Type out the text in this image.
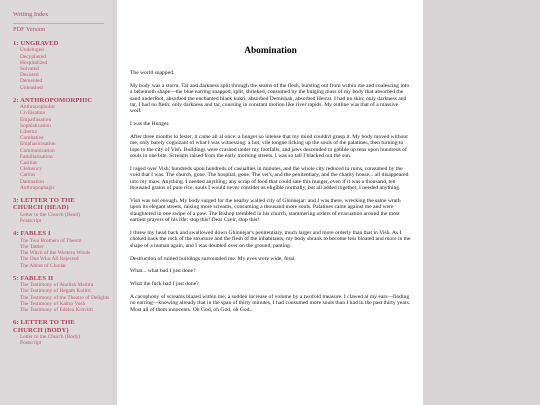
Writing Index
PDF Version
1: UNGRAVED
Undeluged
Decyphered
Hospitalized
Solvated
Desisted
Demented
Unleashed
2: ANTHROPOMORPHIC
Anthropophobic
Civilisation
Empathisation
Sophistication
Liberna
Combative
Emphasicisation
Communication
Familiarisation
Casitias
Clemency
Caritas
Damnation
Anthropophagic
3: LETTER TO THE CHURCH (HEAD)
Letter to the Church (Head)
Postscript
4: FABLES I
The Two Brothers of Theom
The Tattler
The Witch of the Western Winds
The One Who All Rejected
The Abbot of Chodar
5: FABLES II
The Testimony of Abolish Medira
The Testimony of Hegath Kulitri
The Testimony of the Theatre of Delights
The Testimony of Kaltur Vosh
The Testimony of Edelea Kritvitti
6: LETTER TO THE CHURCH (BODY)
Letter to the Church (Body)
Postscript
Abomination

The world snapped.

My body was a storm. Tar and darkness split through the seams of the flesh, bursting out from within me and coalescing into a behemoth shape—the blue earring snapped, split, shrieked, consumed by the bulging mass of my body that absorbed the sand underfoot, absorbed the enchanted black kukri, absorbed Demishah, absorbed Herrat. I had no skin; only darkness and tar, I had no flesh; only darkness and tar, coursing in constant motion like river rapids. My outline was that of a massive wolf.

I was the Hunger.

After three months to fester, it came all at once: a hunger so intense that my mind couldn't grasp it. My body moved without me, only barely cognizant of what I was witnessing: a hot, vile tongue licking up the souls of the palatines, then turning to lope to the city of Vish. Buildings were crushed under my footfalls, and jaws descended to gobble up tens upon hundreds of souls in one bite. Screams raised from the early morning streets. I was so tall I blacked out the sun.

I raged over Vish; hundreds upon hundreds of casualties in minutes, and the whole city reduced to ruins, consumed by the void that I was. The church, gone. The hospital, gone. The vet's, and the penitentiary, and the charity house... all disappeared into my maw. Anything. I needed anything; any scrap of food that could sate this hunger, even if it was a thousand, ten thousand grains of pure rice, souls I would never consider as eligible normally, but all added together, I needed anything.

Vish was not enough. My body surged for the nearby walled city of Ghinnejar: and I was there, wrecking the same wrath upon its elegant streets, raising more screams, consuming a thousand more souls. Palatines came against me and were slaughtered in one swipe of a paw. The Bishop trembled in his church, stammering orders of evacuation around the most earnest prayers of his life: stop this! Dear Czeir, stop this!

I threw my head back and swallowed down Ghinnejar's penitentiary, much larger and more orderly than that in Vish. As I choked back the rock of the structure and the flesh of the inhabitants, my body shrank to become less bloated and more in the shape of a human again, and I was doubled over on the ground, panting.

Destruction of ruined buildings surrounded me. My eyes were wide, feral.

What... what had I just done?

What the fuck had I just done?

A cacophony of screams blazed within me; a sudden increase of volume by a twofold measure. I clawed at my ears—finding no earring—knowing already that in the span of thirty minutes, I had consumed more souls than I had in the past thirty years. Most all of them innocents. Oh God, oh God, oh God...
